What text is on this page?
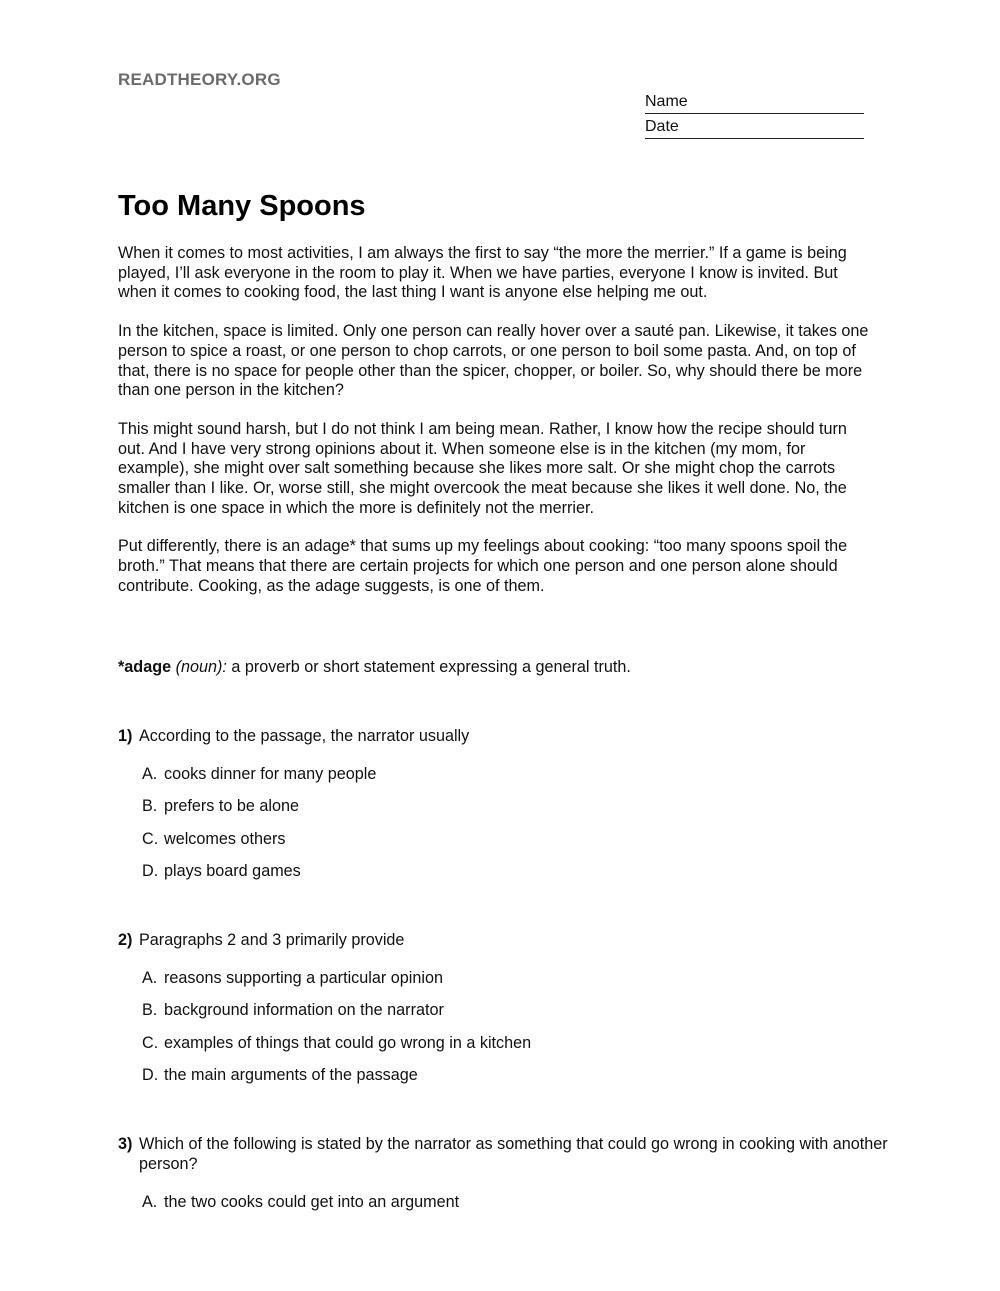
READTHEORY.ORG
Name
Date
Too Many Spoons

When it comes to most activities, I am always the first to say “the more the merrier.” If a game is being played, I’ll ask everyone in the room to play it. When we have parties, everyone I know is invited. But when it comes to cooking food, the last thing I want is anyone else helping me out.

In the kitchen, space is limited. Only one person can really hover over a sauté pan. Likewise, it takes one person to spice a roast, or one person to chop carrots, or one person to boil some pasta. And, on top of that, there is no space for people other than the spicer, chopper, or boiler. So, why should there be more than one person in the kitchen?

This might sound harsh, but I do not think I am being mean. Rather, I know how the recipe should turn out. And I have very strong opinions about it. When someone else is in the kitchen (my mom, for example), she might over salt something because she likes more salt. Or she might chop the carrots smaller than I like. Or, worse still, she might overcook the meat because she likes it well done. No, the kitchen is one space in which the more is definitely not the merrier.

Put differently, there is an adage* that sums up my feelings about cooking: “too many spoons spoil the broth.” That means that there are certain projects for which one person and one person alone should contribute. Cooking, as the adage suggests, is one of them.

*adage (noun): a proverb or short statement expressing a general truth.

1) According to the passage, the narrator usually
A. cooks dinner for many people
B. prefers to be alone
C. welcomes others
D. plays board games
2) Paragraphs 2 and 3 primarily provide
A. reasons supporting a particular opinion
B. background information on the narrator
C. examples of things that could go wrong in a kitchen
D. the main arguments of the passage
3) Which of the following is stated by the narrator as something that could go wrong in cooking with another person?
A. the two cooks could get into an argument
